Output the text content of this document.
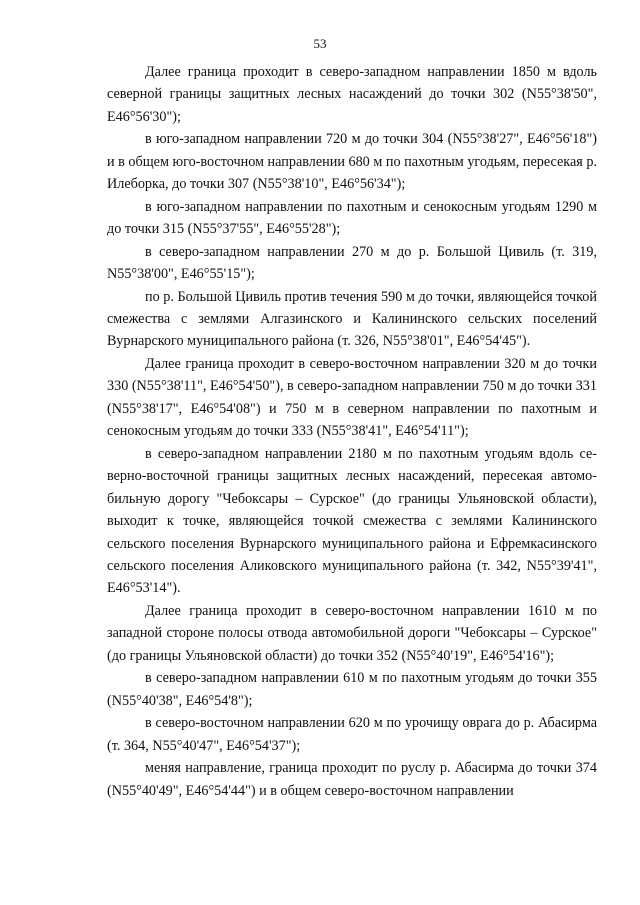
53

Далее граница проходит в северо-западном направлении 1850 м вдоль северной границы защитных лесных насаждений до точки 302 (N55°38'50", E46°56'30");

в юго-западном направлении 720 м до точки 304 (N55°38'27", E46°56'18") и в общем юго-восточном направлении 680 м по пахотным угодьям, пересекая р. Илеборка, до точки 307 (N55°38'10", E46°56'34");

в юго-западном направлении по пахотным и сенокосным угодьям 1290 м до точки 315 (N55°37'55", E46°55'28");

в северо-западном направлении 270 м до р. Большой Цивиль (т. 319, N55°38'00", E46°55'15");

по р. Большой Цивиль против течения 590 м до точки, являющейся точкой смежества с землями Алгазинского и Калининского сельских поселений Вурнарского муниципального района (т. 326, N55°38'01", E46°54'45").

Далее граница проходит в северо-восточном направлении 320 м до точки 330 (N55°38'11", E46°54'50"), в северо-западном направлении 750 м до точки 331 (N55°38'17", E46°54'08") и 750 м в северном направлении по пахотным и сенокосным угодьям до точки 333 (N55°38'41", E46°54'11");

в северо-западном направлении 2180 м по пахотным угодьям вдоль северно-восточной границы защитных лесных насаждений, пересекая автомобильную дорогу "Чебоксары – Сурское" (до границы Ульяновской области), выходит к точке, являющейся точкой смежества с землями Калининского сельского поселения Вурнарского муниципального района и Ефремкасинского сельского поселения Аликовского муниципального района (т. 342, N55°39'41", E46°53'14").

Далее граница проходит в северо-восточном направлении 1610 м по западной стороне полосы отвода автомобильной дороги "Чебоксары – Сурское" (до границы Ульяновской области) до точки 352 (N55°40'19", E46°54'16");

в северо-западном направлении 610 м по пахотным угодьям до точки 355 (N55°40'38", E46°54'8");

в северо-восточном направлении 620 м по урочищу оврага до р. Абасирма (т. 364, N55°40'47", E46°54'37");

меняя направление, граница проходит по руслу р. Абасирма до точки 374 (N55°40'49", E46°54'44") и в общем северо-восточном направлении
